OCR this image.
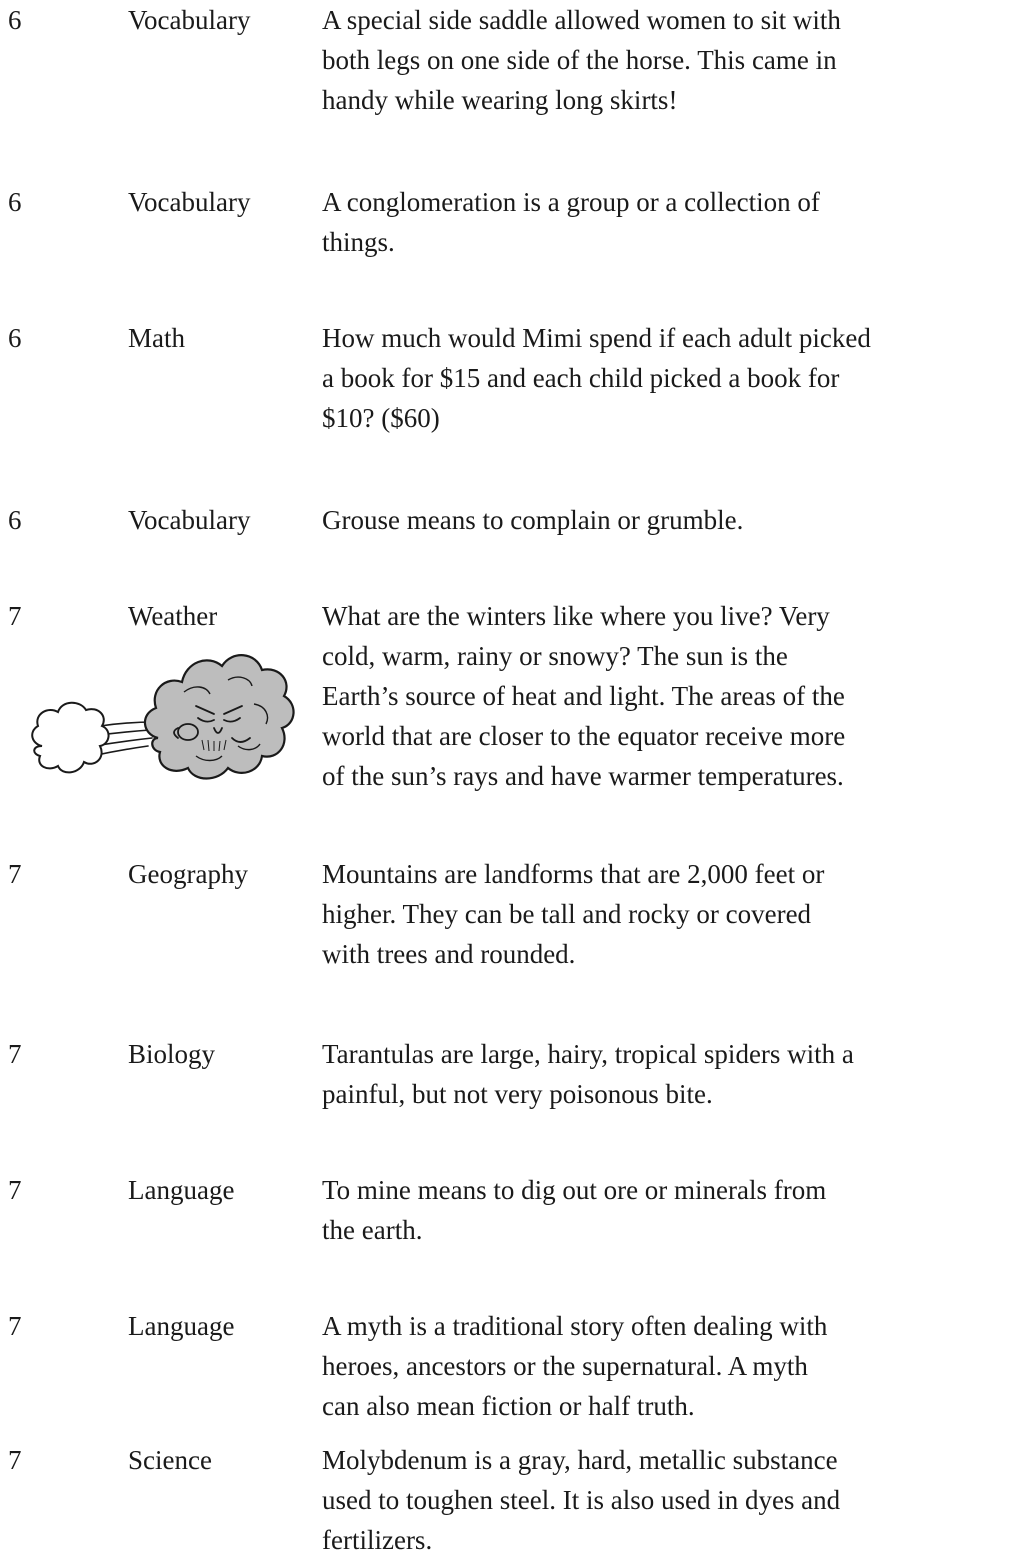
6	Vocabulary	A special side saddle allowed women to sit with
both legs on one side of the horse. This came in
handy while wearing long skirts!
6	Vocabulary	A conglomeration is a group or a collection of
things.
6	Math	How much would Mimi spend if each adult picked
a book for $15 and each child picked a book for
$10? ($60)
6	Vocabulary	Grouse means to complain or grumble.
7	Weather	What are the winters like where you live? Very
cold, warm, rainy or snowy? The sun is the
Earth’s source of heat and light. The areas of the
world that are closer to the equator receive more
of the sun’s rays and have warmer temperatures.
7	Geography	Mountains are landforms that are 2,000 feet or
higher. They can be tall and rocky or covered
with trees and rounded.
7	Biology	Tarantulas are large, hairy, tropical spiders with a
painful, but not very poisonous bite.
7	Language	To mine means to dig out ore or minerals from
the earth.
7	Language	A myth is a traditional story often dealing with
heroes, ancestors or the supernatural. A myth
can also mean fiction or half truth.
7	Science	Molybdenum is a gray, hard, metallic substance
used to toughen steel. It is also used in dyes and
fertilizers.
